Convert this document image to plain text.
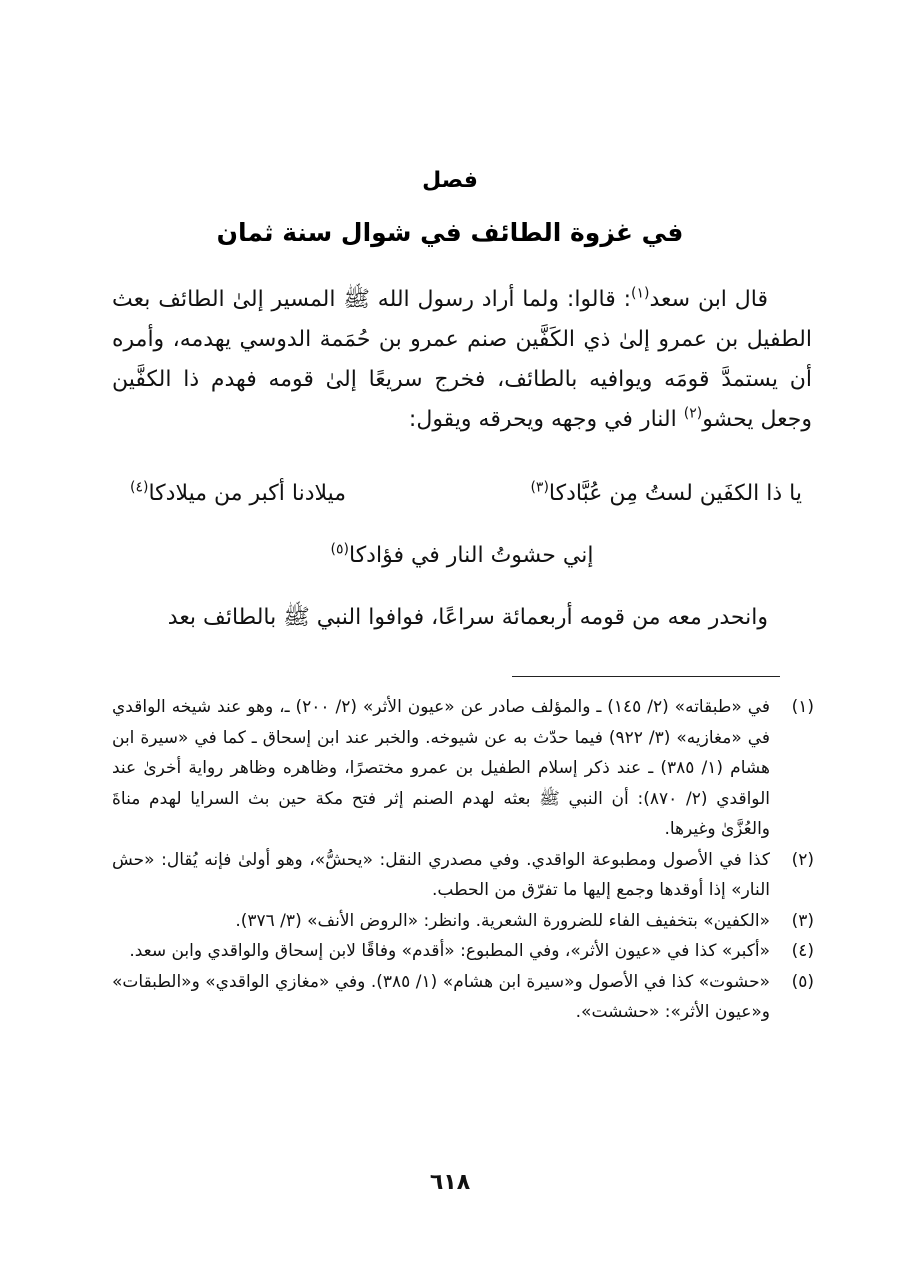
فصل
في غزوة الطائف في شوال سنة ثمان
قال ابن سعد$^{(١)}$: قالوا: ولما أراد رسول الله ﷺ المسير إلىٰ الطائف بعث الطفيل بن عمرو إلىٰ ذي الكَفَّين صنم عمرو بن حُمَمة الدوسي يهدمه، وأمره أن يستمدَّ قومَه ويوافيه بالطائف، فخرج سريعًا إلىٰ قومه فهدم ذا الكفَّين وجعل يحشو$^{(٢)}$ النار في وجهه ويحرقه ويقول:
يا ذا الكفَين لستُ مِن عُبَّادكا$^{(٣)}$
ميلادنا أكبر من ميلادكا$^{(٤)}$
إني حشوتُ النار في فؤادكا$^{(٥)}$
وانحدر معه من قومه أربعمائة سراعًا، فوافوا النبي ﷺ بالطائف بعد
(١)
في «طبقاته» (٢/ ١٤٥) ـ والمؤلف صادر عن «عيون الأثر» (٢/ ٢٠٠) ـ، وهو عند شيخه الواقدي في «مغازيه» (٣/ ٩٢٢) فيما حدّث به عن شيوخه. والخبر عند ابن إسحاق ـ كما في «سيرة ابن هشام (١/ ٣٨٥) ـ عند ذكر إسلام الطفيل بن عمرو مختصرًا، وظاهره وظاهر رواية أخرىٰ عند الواقدي (٢/ ٨٧٠): أن النبي ﷺ بعثه لهدم الصنم إثر فتح مكة حين بث السرايا لهدم مناةَ والعُزَّىٰ وغيرها.
(٢)
كذا في الأصول ومطبوعة الواقدي. وفي مصدري النقل: «يحشُّ»، وهو أولىٰ فإنه يُقال: «حش النار» إذا أوقدها وجمع إليها ما تفرّق من الحطب.
(٣)
«الكفين» بتخفيف الفاء للضرورة الشعرية. وانظر: «الروض الأنف» (٣/ ٣٧٦).
(٤)
«أكبر» كذا في «عيون الأثر»، وفي المطبوع: «أقدم» وفاقًا لابن إسحاق والواقدي وابن سعد.
(٥)
«حشوت» كذا في الأصول و«سيرة ابن هشام» (١/ ٣٨٥). وفي «مغازي الواقدي» و«الطبقات» و«عيون الأثر»: «حششت».
٦١٨
